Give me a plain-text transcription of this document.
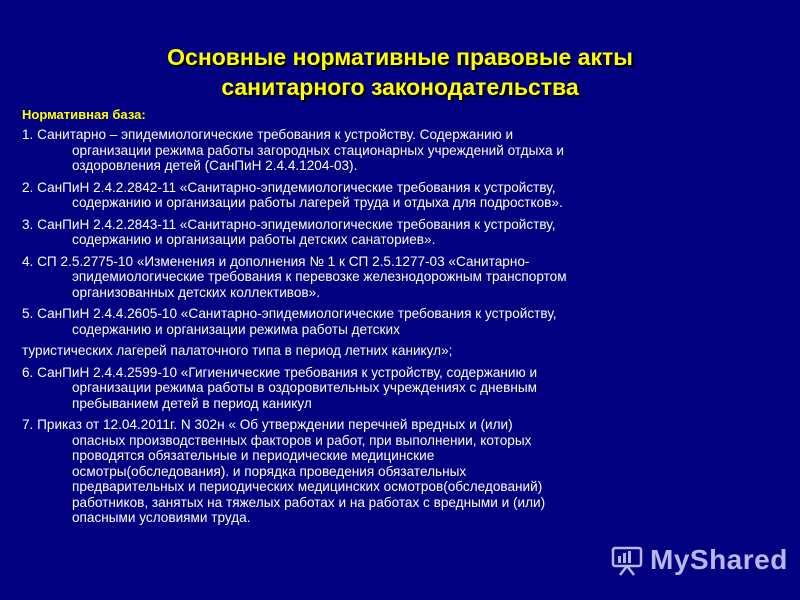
Основные нормативные правовые акты
санитарного законодательства
Нормативная база:
1. Санитарно – эпидемиологические требования к устройству. Содержанию и
организации режима работы загородных стационарных учреждений отдыха и
оздоровления детей (СанПиН 2.4.4.1204-03).
2. СанПиН 2.4.2.2842-11 «Санитарно-эпидемиологические требования к устройству,
содержанию и организации работы лагерей труда и отдыха для подростков».
3. СанПиН 2.4.2.2843-11 «Санитарно-эпидемиологические требования к устройству,
содержанию и организации работы детских санаториев».
4. СП 2.5.2775-10 «Изменения и дополнения № 1 к СП 2.5.1277-03 «Санитарно-
эпидемиологические требования к перевозке железнодорожным транспортом
организованных детских коллективов».
5. СанПиН 2.4.4.2605-10 «Санитарно-эпидемиологические требования к устройству,
содержанию и организации режима работы детских
туристических лагерей палаточного типа в период летних каникул»;
6. СанПиН 2.4.4.2599-10 «Гигиенические требования к устройству, содержанию и
организации режима работы в оздоровительных учреждениях с дневным
пребыванием детей в период каникул
7. Приказ от 12.04.2011г. N 302н « Об утверждении перечней вредных и (или)
опасных производственных факторов и работ, при выполнении, которых
проводятся обязательные и периодические медицинские
осмотры(обследования). и порядка проведения обязательных
предварительных и периодических медицинских осмотров(обследований)
работников, занятых на тяжелых работах и на работах с вредными и (или)
опасными условиями труда.
MyShared
